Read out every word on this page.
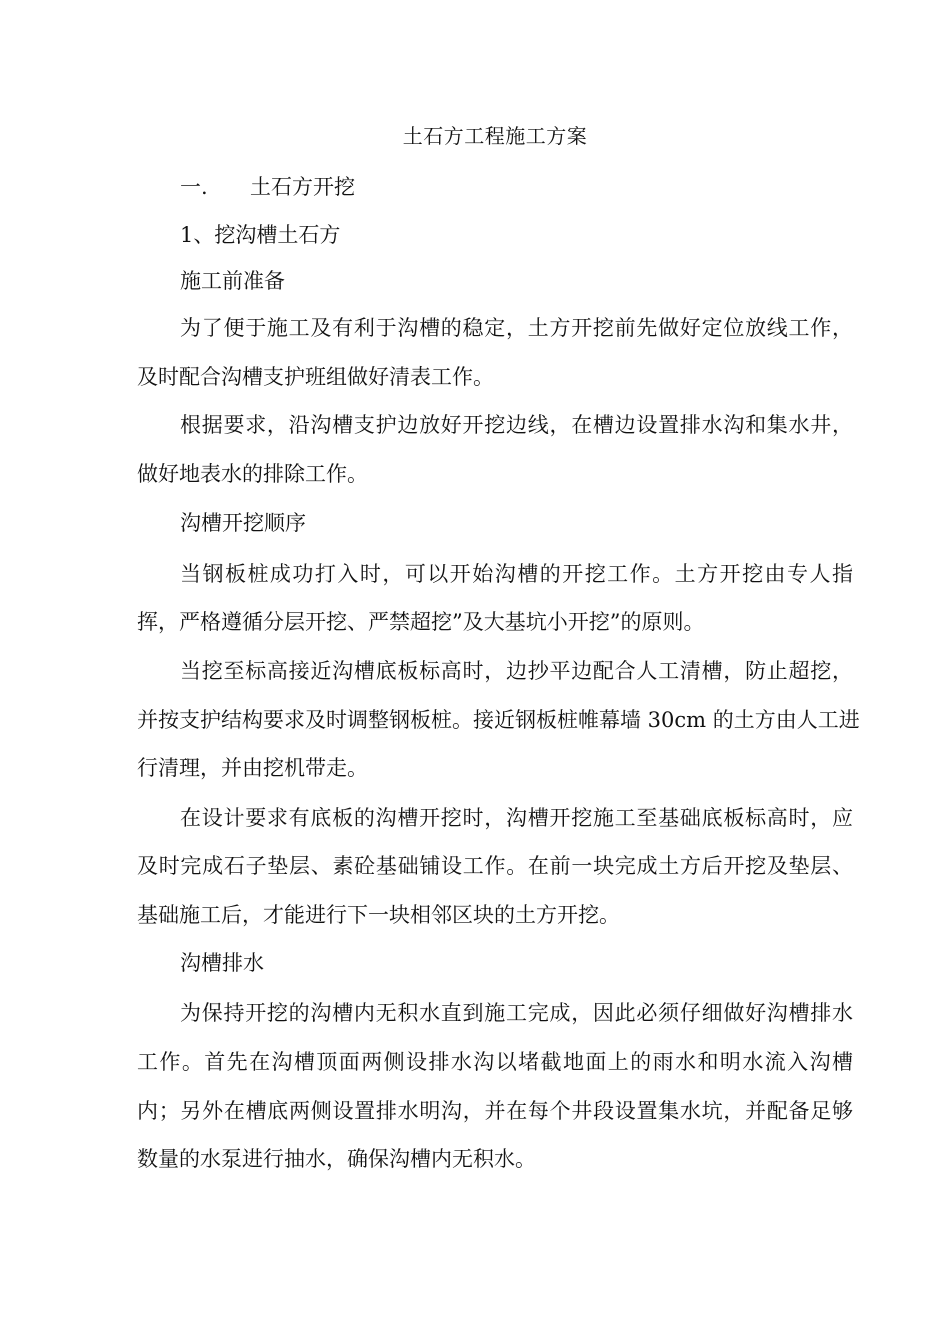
土石方工程施工方案
一. 土石方开挖
1、挖沟槽土石方
施工前准备
为了便于施工及有利于沟槽的稳定，土方开挖前先做好定位放线工作，
及时配合沟槽支护班组做好清表工作。
根据要求，沿沟槽支护边放好开挖边线，在槽边设置排水沟和集水井，
做好地表水的排除工作。
沟槽开挖顺序
当钢板桩成功打入时，可以开始沟槽的开挖工作。土方开挖由专人指
挥，严格遵循分层开挖、严禁超挖”及大基坑小开挖”的原则。
当挖至标高接近沟槽底板标高时，边抄平边配合人工清槽，防止超挖，
并按支护结构要求及时调整钢板桩。接近钢板桩帷幕墙 30cm 的土方由人工进
行清理，并由挖机带走。
在设计要求有底板的沟槽开挖时，沟槽开挖施工至基础底板标高时，应
及时完成石子垫层、素砼基础铺设工作。在前一块完成土方后开挖及垫层、
基础施工后，才能进行下一块相邻区块的土方开挖。
沟槽排水
为保持开挖的沟槽内无积水直到施工完成，因此必须仔细做好沟槽排水
工作。首先在沟槽顶面两侧设排水沟以堵截地面上的雨水和明水流入沟槽
内；另外在槽底两侧设置排水明沟，并在每个井段设置集水坑，并配备足够
数量的水泵进行抽水，确保沟槽内无积水。
